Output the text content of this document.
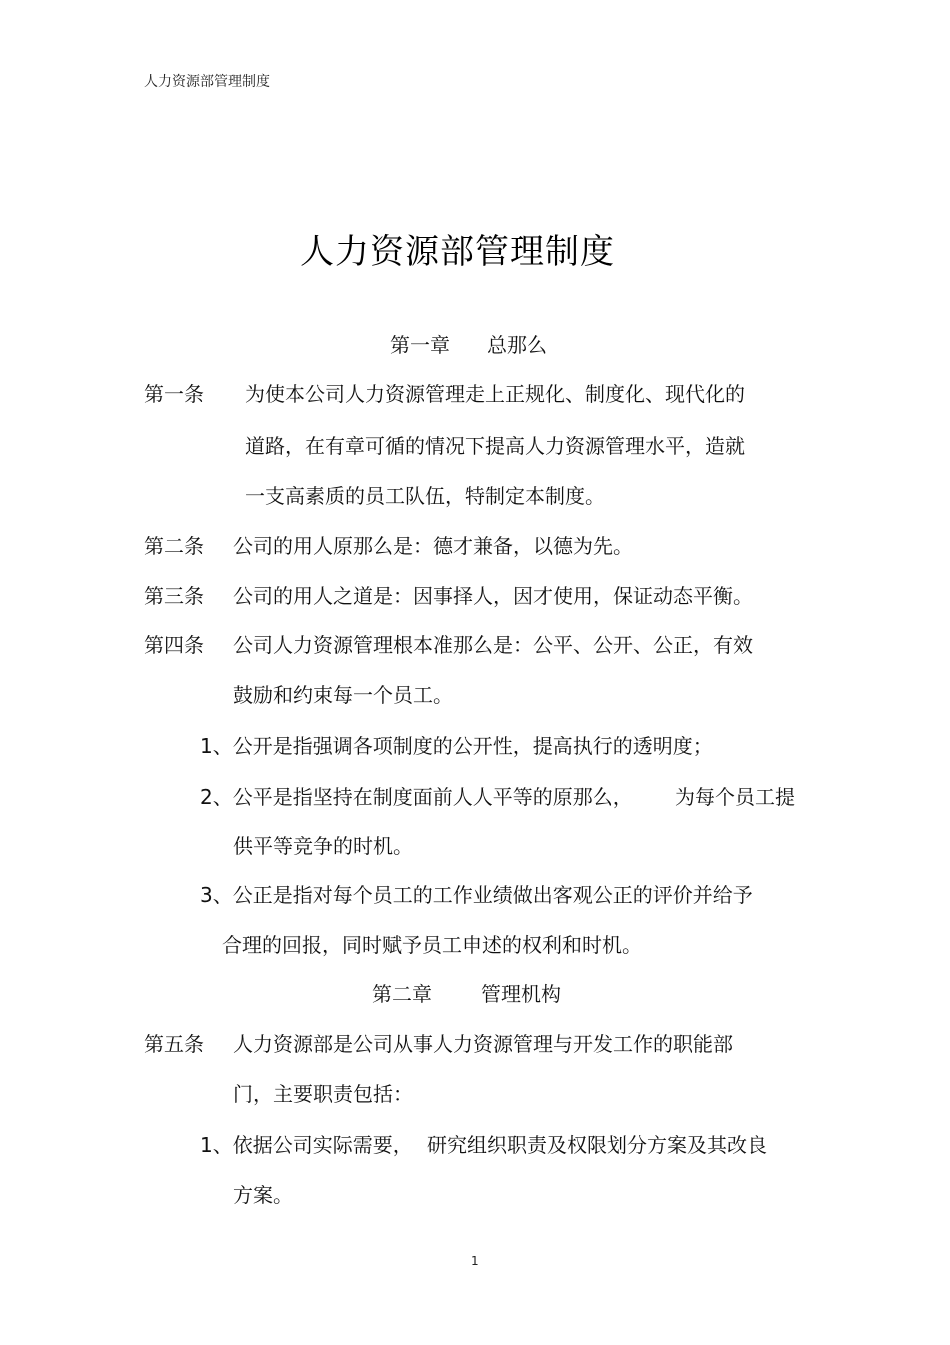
人力资源部管理制度
人力资源部管理制度
第一章 总那么
第一条 为使本公司人力资源管理走上正规化、制度化、现代化的
道路，在有章可循的情况下提高人力资源管理水平，造就
一支高素质的员工队伍，特制定本制度。
第二条 公司的用人原那么是：德才兼备，以德为先。
第三条 公司的用人之道是：因事择人，因才使用，保证动态平衡。
第四条 公司人力资源管理根本准那么是：公平、公开、公正，有效
鼓励和约束每一个员工。
1、公开是指强调各项制度的公开性，提高执行的透明度；
2、公平是指坚持在制度面前人人平等的原那么， 为每个员工提
供平等竞争的时机。
3、公正是指对每个员工的工作业绩做出客观公正的评价并给予
合理的回报，同时赋予员工申述的权利和时机。
第二章 管理机构
第五条 人力资源部是公司从事人力资源管理与开发工作的职能部
门，主要职责包括：
1、依据公司实际需要， 研究组织职责及权限划分方案及其改良
方案。
1
